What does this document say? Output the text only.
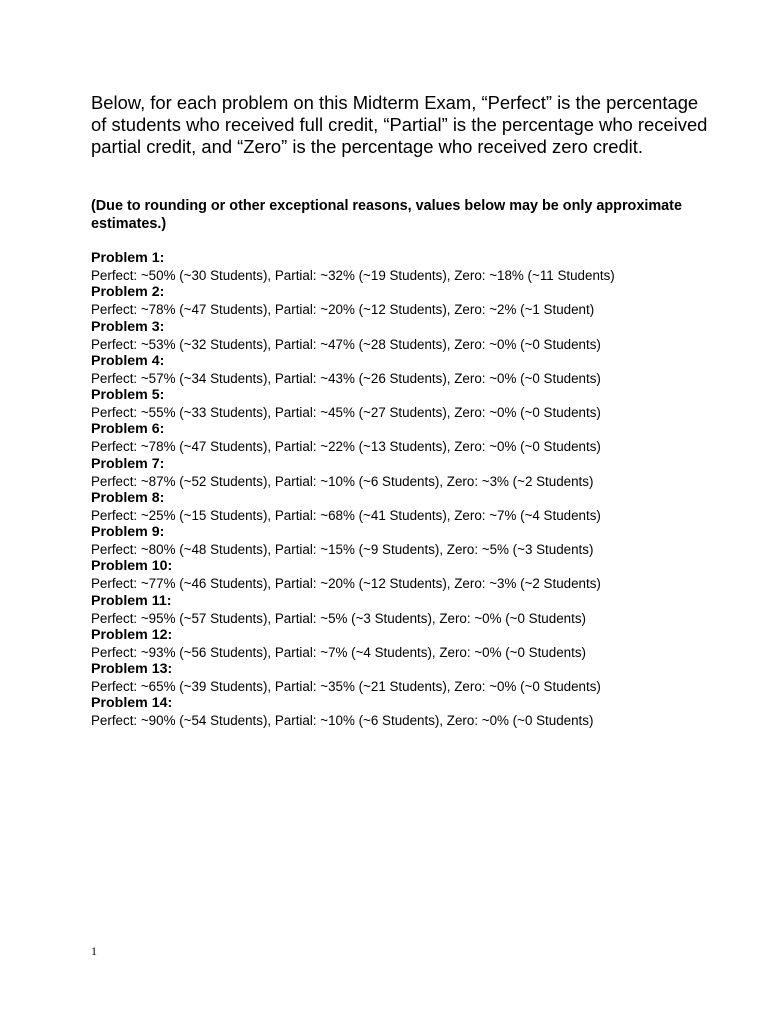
Below, for each problem on this Midterm Exam, “Perfect” is the percentage of students who received full credit, “Partial” is the percentage who received partial credit, and “Zero” is the percentage who received zero credit.

(Due to rounding or other exceptional reasons, values below may be only approximate estimates.)

Problem 1:
Perfect: ~50% (~30 Students), Partial: ~32% (~19 Students), Zero: ~18% (~11 Students)
Problem 2:
Perfect: ~78% (~47 Students), Partial: ~20% (~12 Students), Zero: ~2% (~1 Student)
Problem 3:
Perfect: ~53% (~32 Students), Partial: ~47% (~28 Students), Zero: ~0% (~0 Students)
Problem 4:
Perfect: ~57% (~34 Students), Partial: ~43% (~26 Students), Zero: ~0% (~0 Students)
Problem 5:
Perfect: ~55% (~33 Students), Partial: ~45% (~27 Students), Zero: ~0% (~0 Students)
Problem 6:
Perfect: ~78% (~47 Students), Partial: ~22% (~13 Students), Zero: ~0% (~0 Students)
Problem 7:
Perfect: ~87% (~52 Students), Partial: ~10% (~6 Students), Zero: ~3% (~2 Students)
Problem 8:
Perfect: ~25% (~15 Students), Partial: ~68% (~41 Students), Zero: ~7% (~4 Students)
Problem 9:
Perfect: ~80% (~48 Students), Partial: ~15% (~9 Students), Zero: ~5% (~3 Students)
Problem 10:
Perfect: ~77% (~46 Students), Partial: ~20% (~12 Students), Zero: ~3% (~2 Students)
Problem 11:
Perfect: ~95% (~57 Students), Partial: ~5% (~3 Students), Zero: ~0% (~0 Students)
Problem 12:
Perfect: ~93% (~56 Students), Partial: ~7% (~4 Students), Zero: ~0% (~0 Students)
Problem 13:
Perfect: ~65% (~39 Students), Partial: ~35% (~21 Students), Zero: ~0% (~0 Students)
Problem 14:
Perfect: ~90% (~54 Students), Partial: ~10% (~6 Students), Zero: ~0% (~0 Students)
1
